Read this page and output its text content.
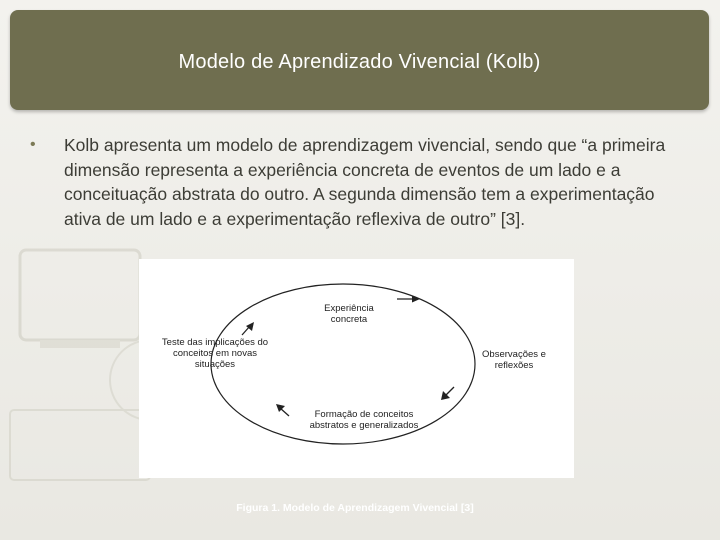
Modelo de Aprendizado Vivencial (Kolb)
• Kolb apresenta um modelo de aprendizagem vivencial, sendo que “a primeira dimensão representa a experiência concreta de eventos de um lado e a conceituação abstrata do outro. A segunda dimensão tem a experimentação ativa de um lado e a experimentação reflexiva de outro” [3].
Experiência
concreta
Observações e
reflexões
Formação de conceitos
abstratos e generalizados
Teste das implicações do
conceitos em novas
situações
Figura 1. Modelo de Aprendizagem Vivencial [3]
